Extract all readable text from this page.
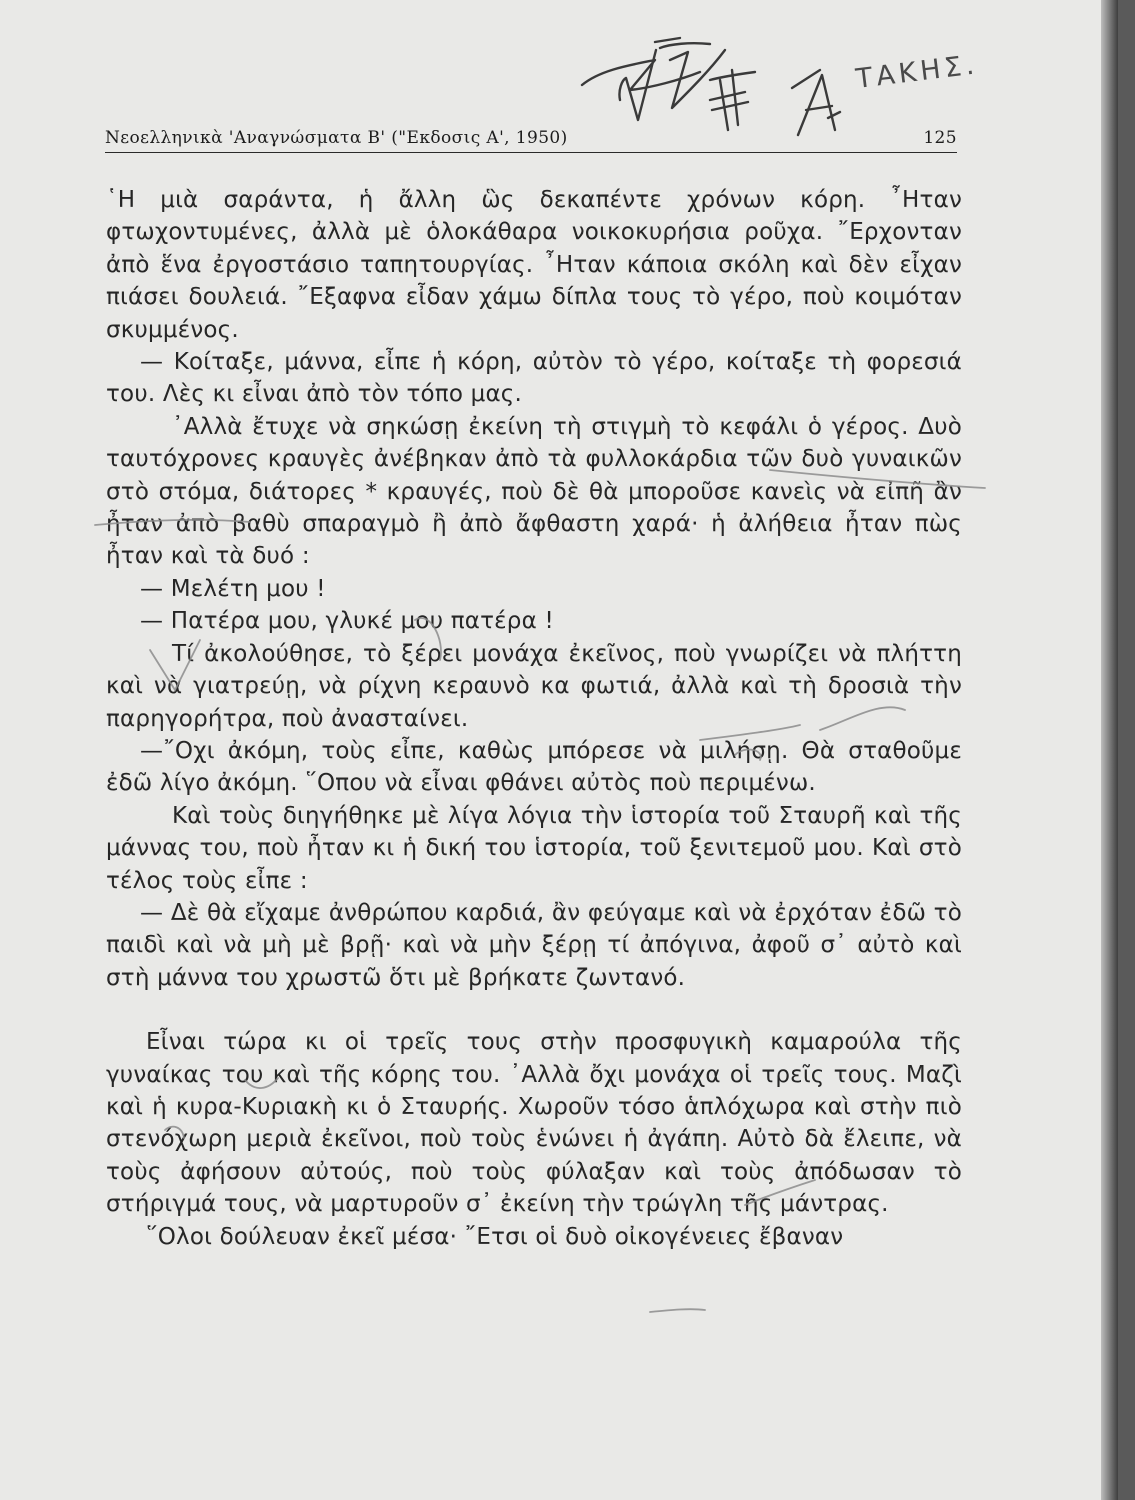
Νεοελληνικὰ 'Αναγνώσματα Β' ("Εκδοσις Α', 1950)	125
ΤΑΚΗΣ.

῾Η μιὰ σαράντα, ἡ ἄλλη ὣς δεκαπέντε χρόνων κόρη. ῏Ηταν φτωχοντυμένες, ἀλλὰ μὲ ὁλοκάθαρα νοικοκυρήσια ροῦχα. ῎Ερχονταν ἀπὸ ἕνα ἐργοστάσιο ταπητουργίας. ῏Ηταν κάποια σκόλη καὶ δὲν εἶχαν πιάσει δουλειά. ῎Εξαφνα εἶδαν χάμω δίπλα τους τὸ γέρο, ποὺ κοιμόταν σκυμμένος.

— Κοίταξε, μάννα, εἶπε ἡ κόρη, αὐτὸν τὸ γέρο, κοίταξε τὴ φορεσιά του. Λὲς κι εἶναι ἀπὸ τὸν τόπο μας.

᾿Αλλὰ ἔτυχε νὰ σηκώσῃ ἐκείνη τὴ στιγμὴ τὸ κεφάλι ὁ γέρος. Δυὸ ταυτόχρονες κραυγὲς ἀνέβηκαν ἀπὸ τὰ φυλλοκάρδια τῶν δυὸ γυναικῶν στὸ στόμα, διάτορες * κραυγές, ποὺ δὲ θὰ μποροῦσε κανεὶς νὰ εἰπῆ ἂν ἦταν ἀπὸ βαθὺ σπαραγμὸ ἢ ἀπὸ ἄφθαστη χαρά· ἡ ἀλήθεια ἦταν πὼς ἦταν καὶ τὰ δυό :

— Μελέτη μου !

— Πατέρα μου, γλυκέ μου πατέρα !

Τί ἀκολούθησε, τὸ ξέρει μονάχα ἐκεῖνος, ποὺ γνωρίζει νὰ πλήττη καὶ νὰ γιατρεύῃ, νὰ ρίχνη κεραυνὸ κα φωτιά, ἀλλὰ καὶ τὴ δροσιὰ τὴν παρηγορήτρα, ποὺ ἀνασταίνει.

—῎Οχι ἀκόμη, τοὺς εἶπε, καθὼς μπόρεσε νὰ μιλήσῃ. Θὰ σταθοῦμε ἐδῶ λίγο ἀκόμη. ῞Οπου νὰ εἶναι φθάνει αὐτὸς ποὺ περιμένω.

Καὶ τοὺς διηγήθηκε μὲ λίγα λόγια τὴν ἱστορία τοῦ Σταυρῆ καὶ τῆς μάννας του, ποὺ ἦταν κι ἡ δική του ἱστορία, τοῦ ξενιτεμοῦ μου. Καὶ στὸ τέλος τοὺς εἶπε :

— Δὲ θὰ εἴχαμε ἀνθρώπου καρδιά, ἂν φεύγαμε καὶ νὰ ἐρχόταν ἐδῶ τὸ παιδὶ καὶ νὰ μὴ μὲ βρῇ· καὶ νὰ μὴν ξέρῃ τί ἀπόγινα, ἀφοῦ σ᾿ αὐτὸ καὶ στὴ μάννα του χρωστῶ ὅτι μὲ βρήκατε ζωντανό.

Εἶναι τώρα κι οἱ τρεῖς τους στὴν προσφυγικὴ καμαρούλα τῆς γυναίκας του καὶ τῆς κόρης του. ᾿Αλλὰ ὄχι μονάχα οἱ τρεῖς τους. Μαζὶ καὶ ἡ κυρα-Κυριακὴ κι ὁ Σταυρής. Χωροῦν τόσο ἁπλόχωρα καὶ στὴν πιὸ στενόχωρη μεριὰ ἐκεῖνοι, ποὺ τοὺς ἑνώνει ἡ ἀγάπη. Αὐτὸ δὰ ἔλειπε, νὰ τοὺς ἀφήσουν αὐτούς, ποὺ τοὺς φύλαξαν καὶ τοὺς ἀπόδωσαν τὸ στήριγμά τους, νὰ μαρτυροῦν σ᾿ ἐκείνη τὴν τρώγλη τῆς μάντρας.

῞Ολοι δούλευαν ἐκεῖ μέσα· ῎Ετσι οἱ δυὸ οἰκογένειες ἔβαναν
